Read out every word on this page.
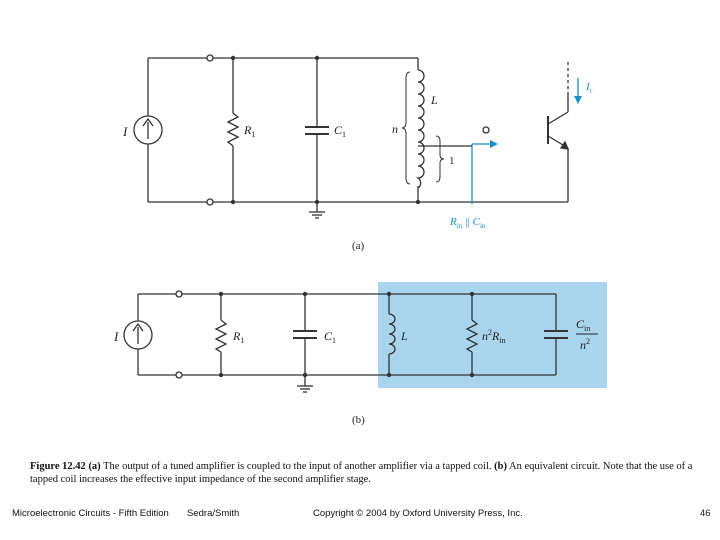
I	$R_1$	$C_1$
L
n
1
$I_r$
$R_{in}$ || $C_{in}$
(a)
I	$R_1$	$C_1$	L	$n^2R_{in}$
$C_{in}$
$n^2$
(b)
Figure 12.42 (a) The output of a tuned amplifier is coupled to the input of another amplifier via a tapped coil. (b) An equivalent circuit. Note that the use of a tapped coil increases the effective input impedance of the second amplifier stage.
Microelectronic Circuits - Fifth Edition Sedra/Smith	Copyright © 2004 by Oxford University Press, Inc.	46
